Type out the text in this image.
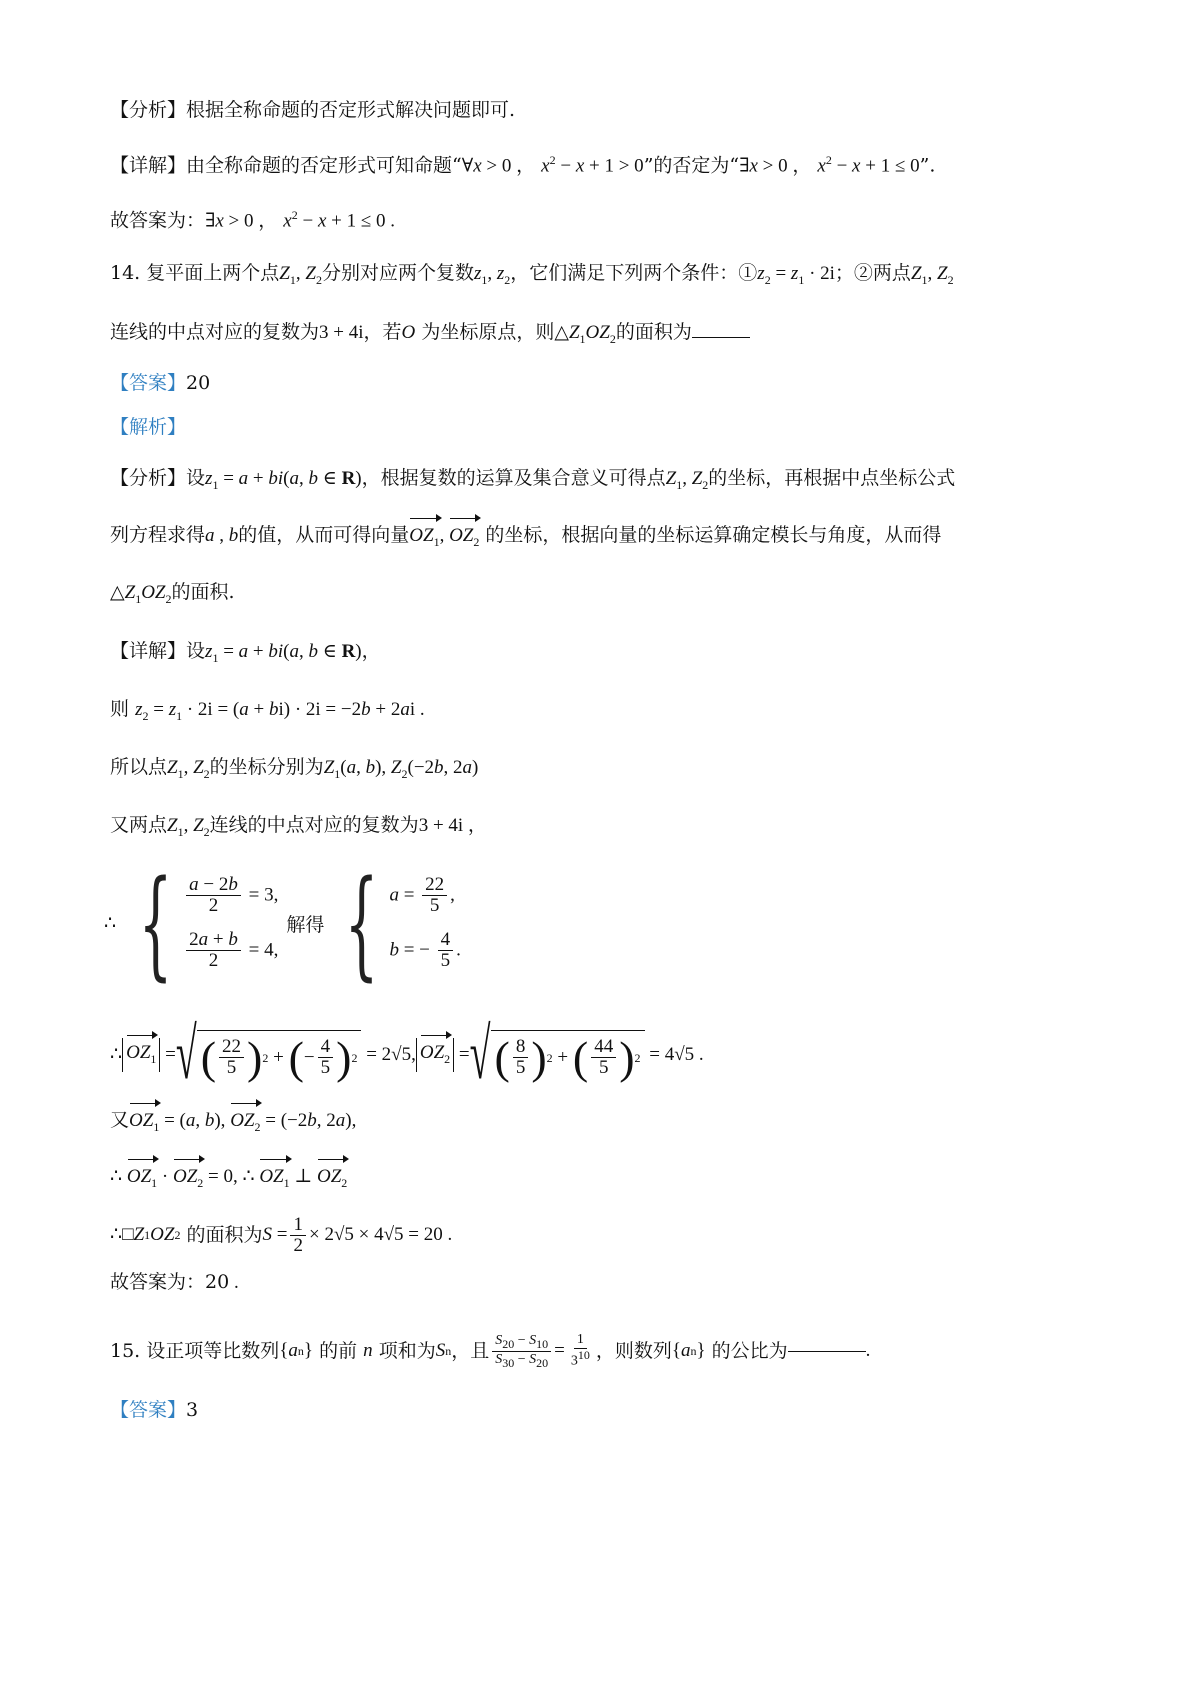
【分析】根据全称命题的否定形式解决问题即可.
【详解】由全称命题的否定形式可知命题“∀x > 0 ， $x^2 - x + 1 > 0$”的否定为“∃x > 0 ， $x^2 - x + 1 \le 0$”.
故答案为：∃x > 0 ， $x^2 - x + 1 \le 0$ .
14. 复平面上两个点$Z_1$, $Z_2$分别对应两个复数$z_1$, $z_2$，它们满足下列两个条件：$①z_2 = z_1 \cdot 2i$；②两点$Z_1$, $Z_2$
连线的中点对应的复数为3 + 4i，若O 为坐标原点，则$\triangle Z_1OZ_2$的面积为
【答案】20
【解析】
【分析】设$z_1 = a + bi(a$, b ∈ R)，根据复数的运算及集合意义可得点$Z_1$, $Z_2$的坐标，再根据中点坐标公式
列方程求得a , b的值，从而可得向量$OZ_1$, $OZ_2$ 的坐标，根据向量的坐标运算确定模长与角度，从而得
$\triangle Z_1OZ_2$的面积.
【详解】设$z_1 = a + bi(a$, b ∈ R)，
则 $z_2 = z_1 \cdot 2i = (a + bi) \cdot 2i = -2b + 2ai$ .
所以点$Z_1$, $Z_2$的坐标分别为$Z_1(a$, b), $Z_2(-2b$, 2a)
又两点$Z_1$, $Z_2$连线的中点对应的复数为3 + 4i ，
∴ { $\frac{a - 2b}{2} = 3$,
$\frac{2a + b}{2} = 4$,
解得 { $a = \frac{22}{5}$ ,
b = − $\frac{4}{5}$ .
∴ $OZ_1$ = √ ( $\frac{22}{5}$ ) 2 + ( − $\frac{4}{5}$ ) 2 = 2√5, $OZ_2$ = √ ( $\frac{8}{5}$ ) 2 + ( $\frac{44}{5}$ ) 2 = 4√5 .
又$OZ_1 = (a$, b), $OZ_2 = (-2b$, 2a),
∴ $OZ_1 \cdot OZ_2 = 0$, ∴ $OZ_1$ ⊥ $OZ_2$
∴□ Z 1 OZ 2
的面积为 $S = \frac{1}{2} \times 2√5 \times 4√5 = 20$ .
故答案为：20 .
15.
设正项等比数列 { a n }
的前
n
项和为 S n ，且 $\frac{S_{20} - S_{10}}{S_{30} - S_{20}} = \frac{1}{3^{10}}$ ，则数列 { a n }
的公比为	.
【答案】3
